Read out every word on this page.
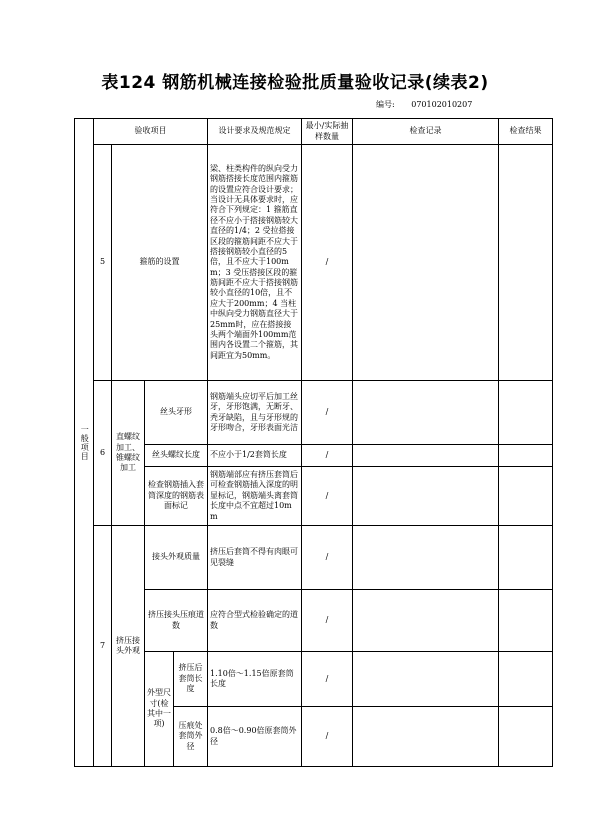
表124 钢筋机械连接检验批质量验收记录(续表2)
编号: 070102010207
一般项目	验收项目				设计要求及规范规定	最小/实际抽样数量	检查记录	检查结果
	5	箍筋的设置			梁、柱类构件的纵向受力钢筋搭接长度范围内箍筋的设置应符合设计要求；当设计无具体要求时，应符合下列规定：1 箍筋直径不应小于搭接钢筋较大直径的1/4；2 受拉搭接区段的箍筋间距不应大于搭接钢筋较小直径的5倍，且不应大于100mm；3 受压搭接区段的箍筋间距不应大于搭接钢筋较小直径的10倍，且不应大于200mm；4 当柱中纵向受力钢筋直径大于25mm时，应在搭接接头两个端面外100mm范围内各设置二个箍筋，其间距宜为50mm。	/		
	6	直螺纹加工、锥螺纹加工	丝头牙形		钢筋端头应切平后加工丝牙，牙形饱满，无断牙、秃牙缺陷，且与牙形规的牙形吻合，牙形表面光洁	/		
			丝头螺纹长度		不应小于1/2套筒长度	/		
			检查钢筋插入套筒深度的钢筋表面标记		钢筋端部应有挤压套筒后可检查钢筋插入深度的明显标记，钢筋端头离套筒长度中点不宜超过10mm	/		
	7	挤压接头外观	接头外观质量		挤压后套筒不得有肉眼可见裂缝	/		
			挤压接头压痕道数		应符合型式检验确定的道数	/		
			外型尺寸(检其中一项)	挤压后套筒长度	1.10倍～1.15倍原套筒长度	/		
				压痕处套筒外径	0.8倍～0.90倍原套筒外径	/		
